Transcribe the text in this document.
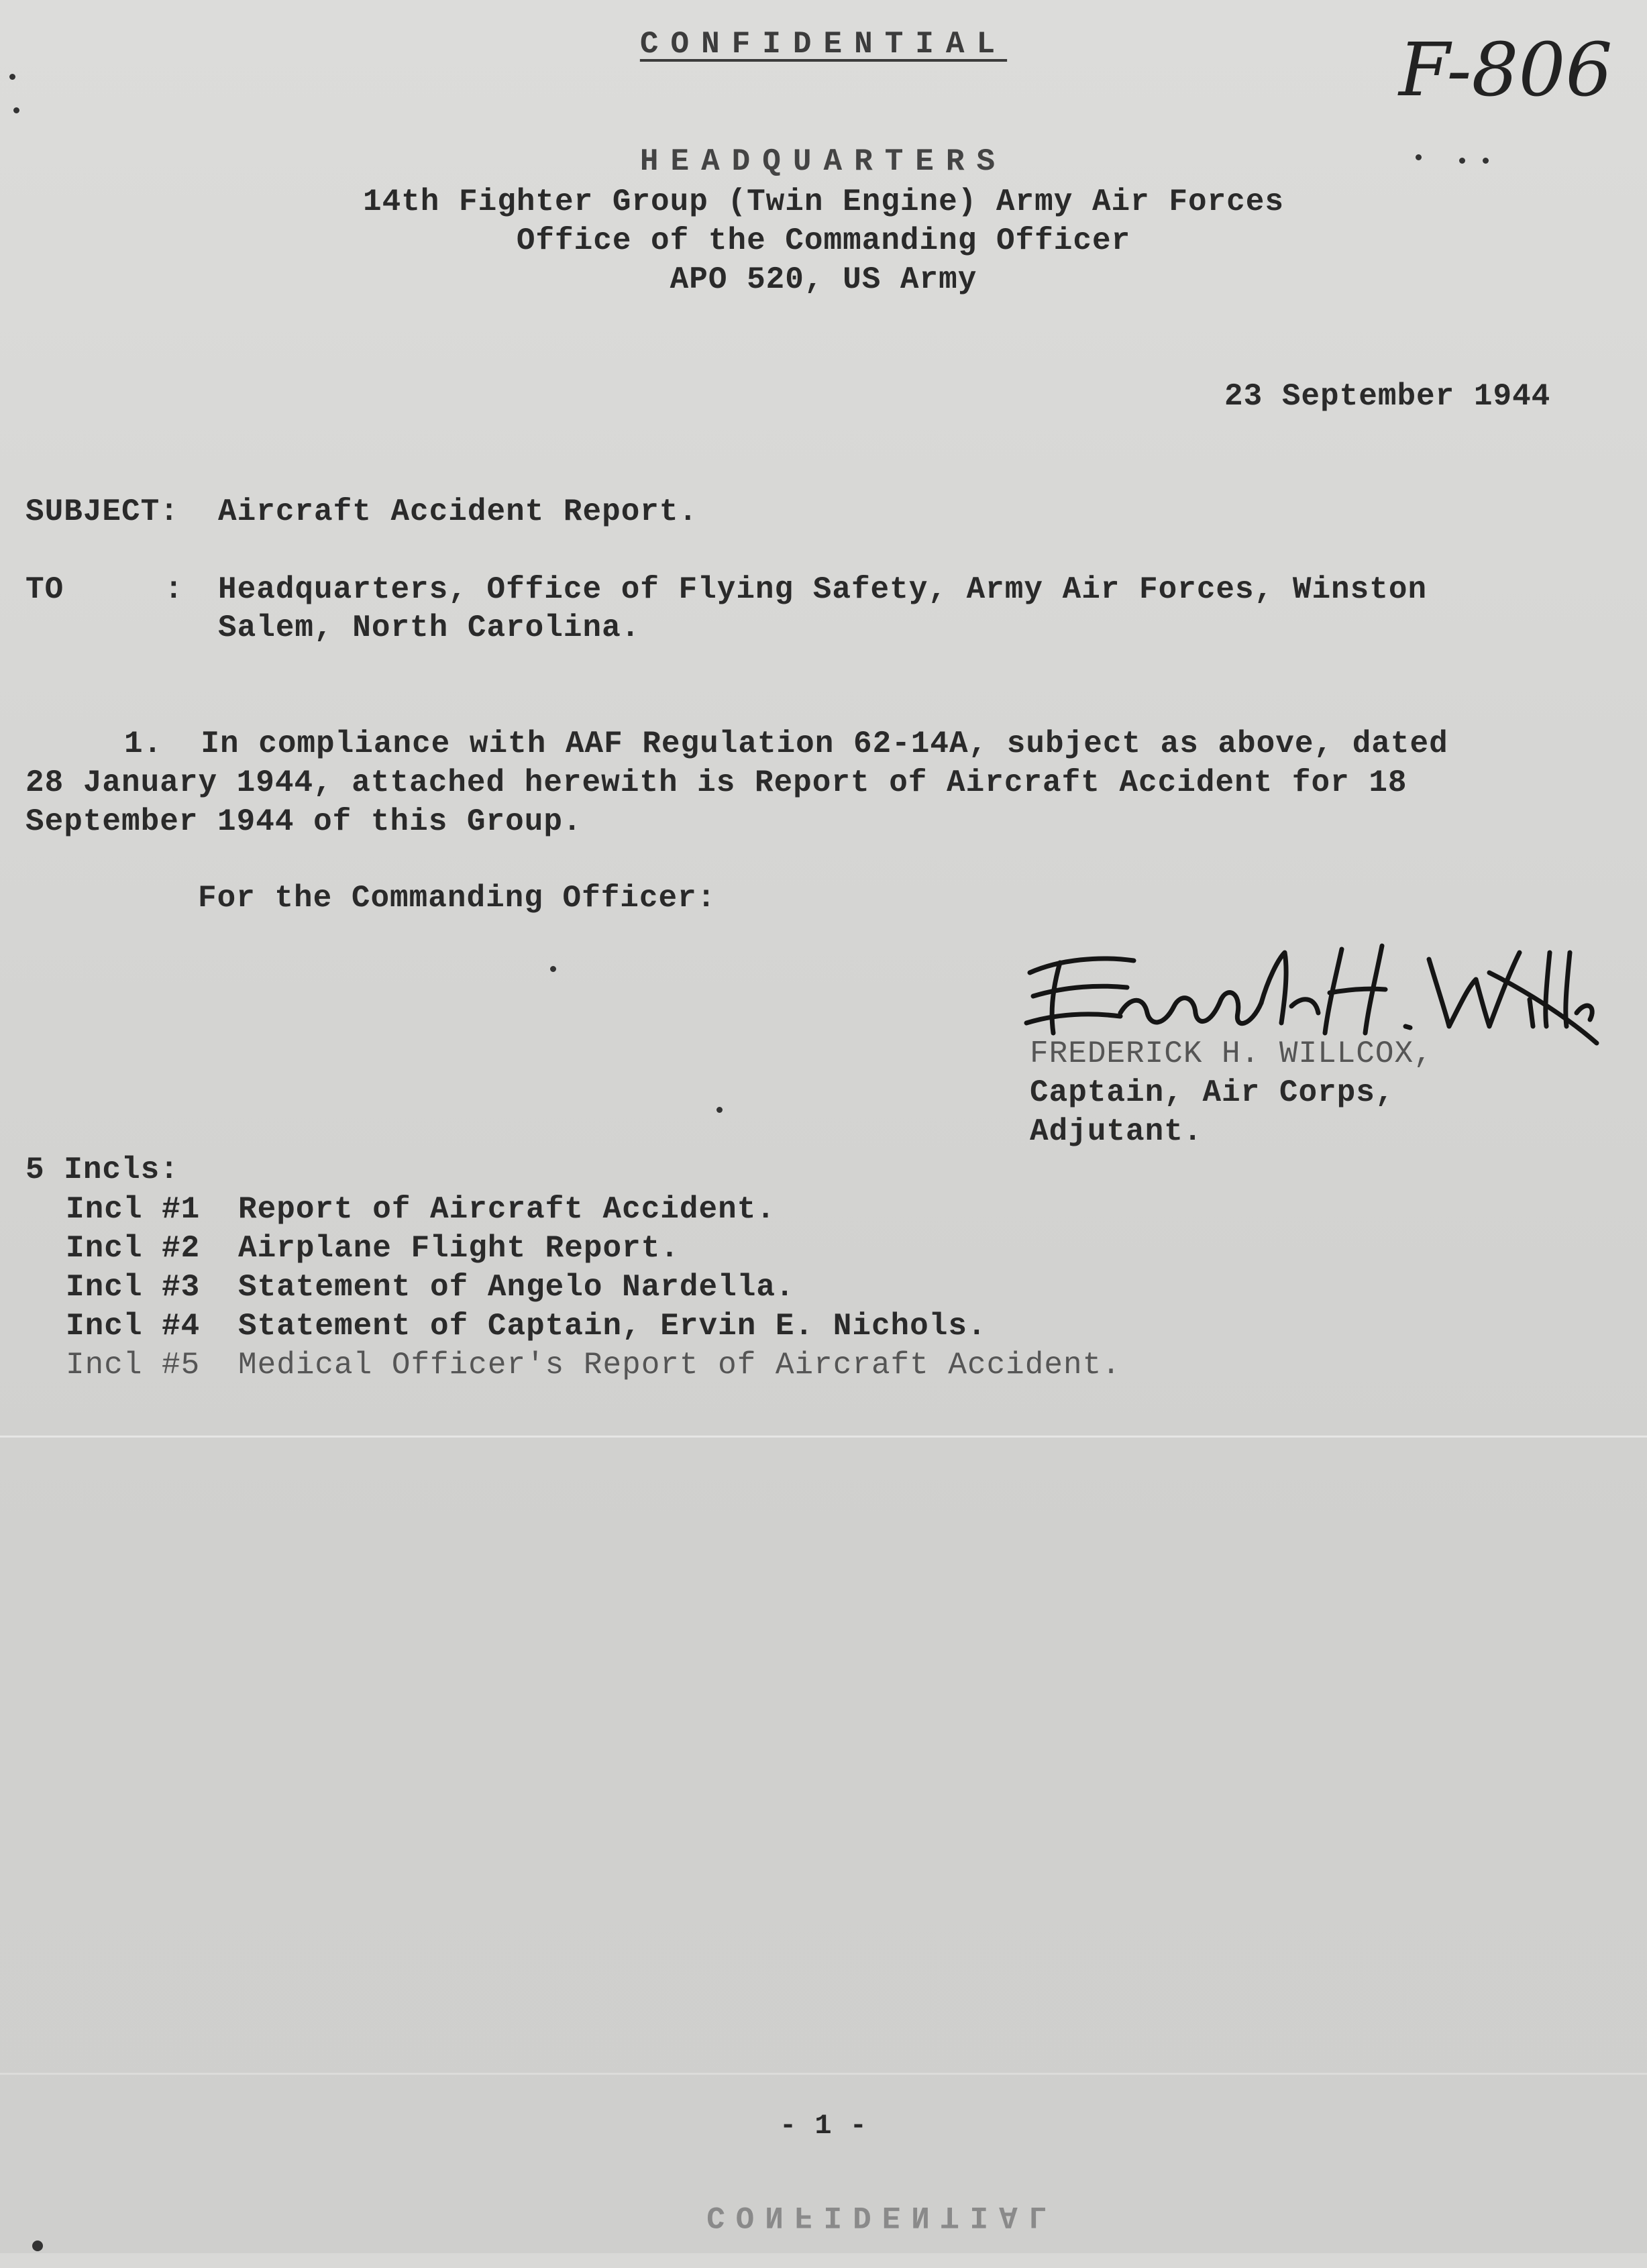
CONFIDENTIAL	F-806
HEADQUARTERS
14th Fighter Group (Twin Engine) Army Air Forces
Office of the Commanding Officer
APO 520, US Army
23 September 1944
SUBJECT: Aircraft Accident Report.
TO	: Headquarters, Office of Flying Safety, Army Air Forces, Winston
Salem, North Carolina.
1.  In compliance with AAF Regulation 62-14A, subject as above, dated
28 January 1944, attached herewith is Report of Aircraft Accident for 18
September 1944 of this Group.
For the Commanding Officer:
FREDERICK H. WILLCOX,
Captain, Air Corps,
Adjutant.
5 Incls:
Incl #1 Report of Aircraft Accident.
Incl #2 Airplane Flight Report.
Incl #3 Statement of Angelo Nardella.
Incl #4 Statement of Captain, Ervin E. Nichols.
Incl #5 Medical Officer's Report of Aircraft Accident.
- 1 -

CONFIDENTIAL
